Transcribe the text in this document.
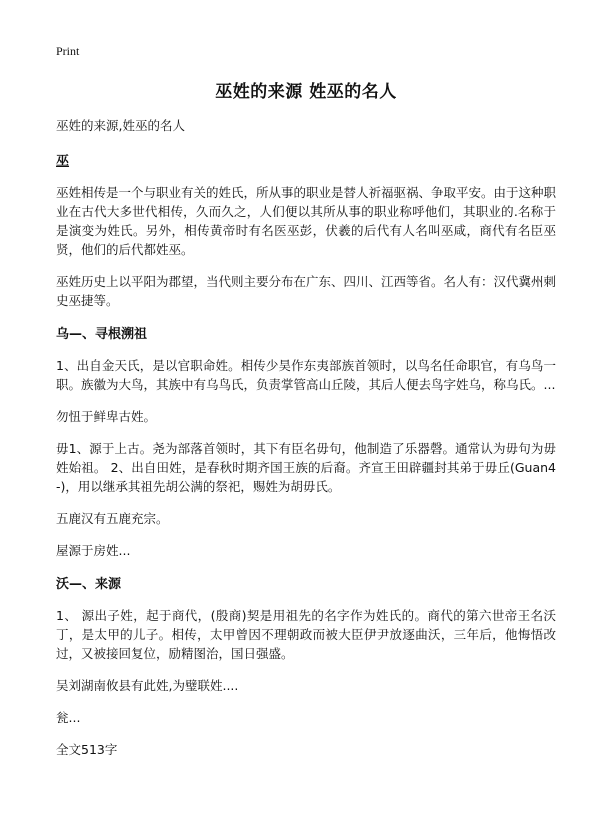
Print
巫姓的来源 姓巫的名人
巫姓的来源,姓巫的名人
巫

巫姓相传是一个与职业有关的姓氏，所从事的职业是替人祈福驱祸、争取平安。由于这种职业在古代大多世代相传，久而久之，人们便以其所从事的职业称呼他们，其职业的.名称于是演变为姓氏。另外，相传黄帝时有名医巫彭，伏羲的后代有人名叫巫咸，商代有名臣巫贤，他们的后代都姓巫。

巫姓历史上以平阳为郡望，当代则主要分布在广东、四川、江西等省。名人有：汉代冀州刺史巫捷等。

乌—、寻根溯祖

1、出自金天氏，是以官职命姓。相传少昊作东夷部族首领时，以鸟名任命职官，有乌鸟一职。族徽为大鸟，其族中有乌鸟氏，负责掌管高山丘陵，其后人便去鸟字姓乌，称乌氏。...

勿忸于鲜卑古姓。

毋1、源于上古。尧为部落首领时，其下有臣名毋句，他制造了乐器磬。通常认为毋句为毋姓始祖。 2、出自田姓，是春秋时期齐国王族的后裔。齐宣王田辟疆封其弟于毋丘(Guan4 -)，用以继承其祖先胡公满的祭祀，赐姓为胡毋氏。

五鹿汉有五鹿充宗。

屋源于房姓...

沃—、来源

1、 源出子姓，起于商代，(殷商)契是用祖先的名字作为姓氏的。商代的第六世帝王名沃丁，是太甲的儿子。相传，太甲曾因不理朝政而被大臣伊尹放逐曲沃，三年后，他悔悟改过，又被接回复位，励精图治，国日强盛。

吴刘湖南攸县有此姓,为璧联姓....

瓮...

全文513字
